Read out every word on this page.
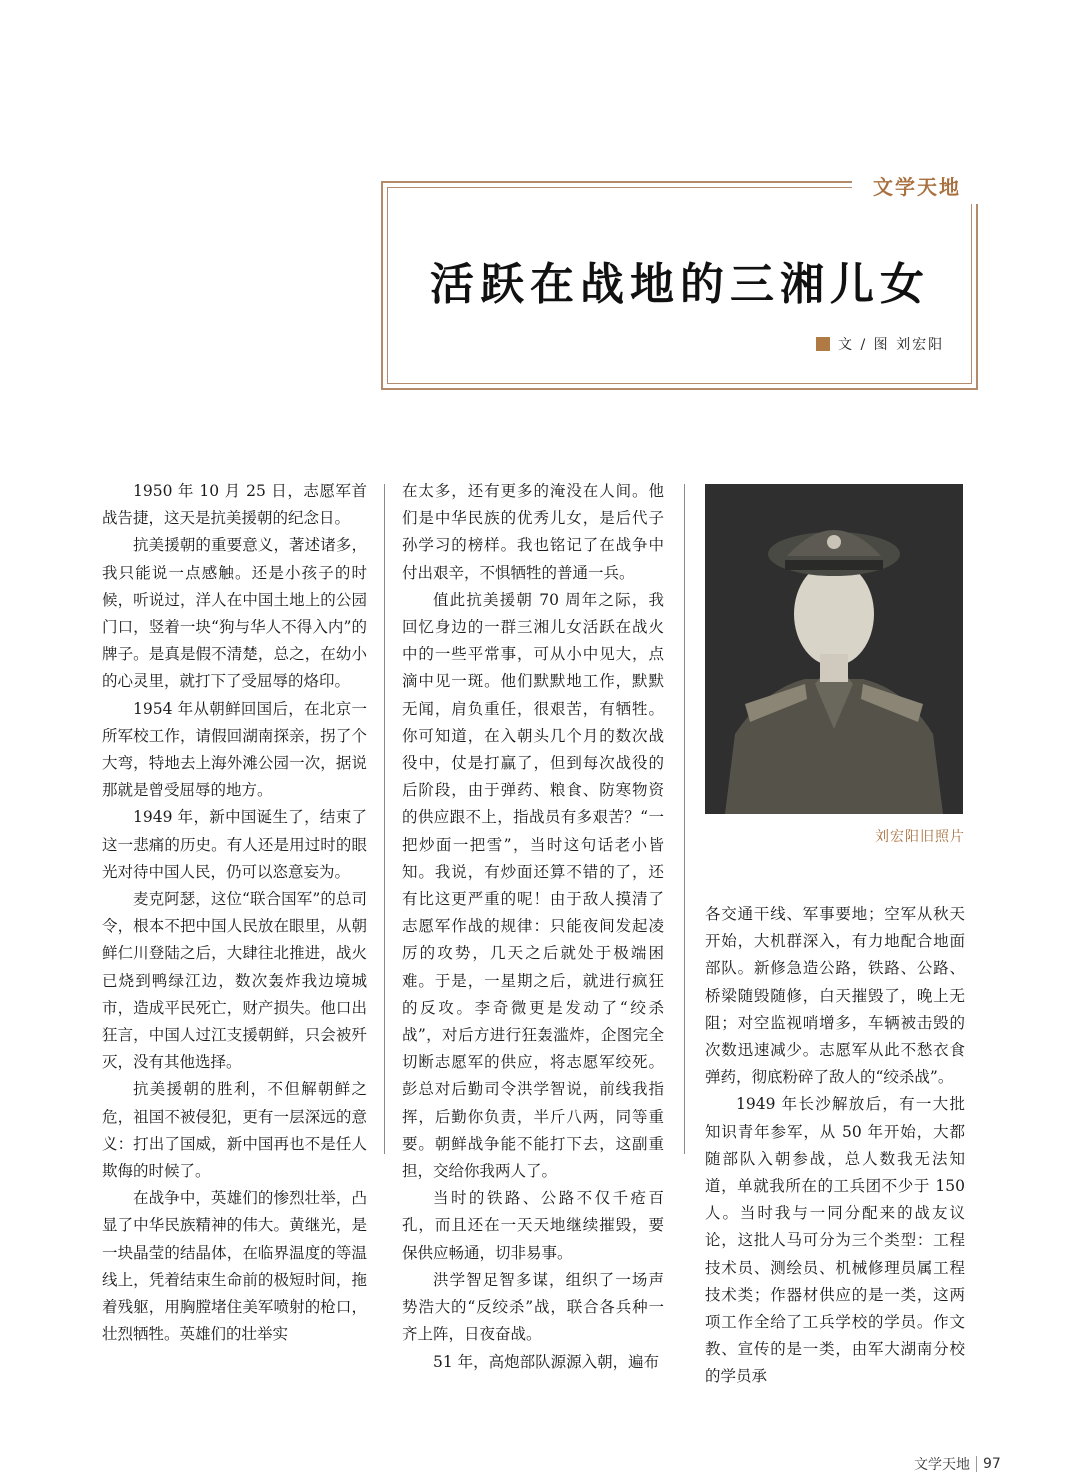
文学天地
活跃在战地的三湘儿女
文 / 图 刘宏阳

1950 年 10 月 25 日，志愿军首战告捷，这天是抗美援朝的纪念日。

抗美援朝的重要意义，著述诸多，我只能说一点感触。还是小孩子的时候，听说过，洋人在中国土地上的公园门口，竖着一块“狗与华人不得入内”的牌子。是真是假不清楚，总之，在幼小的心灵里，就打下了受屈辱的烙印。

1954 年从朝鲜回国后，在北京一所军校工作，请假回湖南探亲，拐了个大弯，特地去上海外滩公园一次，据说那就是曾受屈辱的地方。

1949 年，新中国诞生了，结束了这一悲痛的历史。有人还是用过时的眼光对待中国人民，仍可以恣意妄为。

麦克阿瑟，这位“联合国军”的总司令，根本不把中国人民放在眼里，从朝鲜仁川登陆之后，大肆往北推进，战火已烧到鸭绿江边，数次轰炸我边境城市，造成平民死亡，财产损失。他口出狂言，中国人过江支援朝鲜，只会被歼灭，没有其他选择。

抗美援朝的胜利，不但解朝鲜之危，祖国不被侵犯，更有一层深远的意义：打出了国威，新中国再也不是任人欺侮的时候了。

在战争中，英雄们的惨烈壮举，凸显了中华民族精神的伟大。黄继光，是一块晶莹的结晶体，在临界温度的等温线上，凭着结束生命前的极短时间，拖着残躯，用胸膛堵住美军喷射的枪口，壮烈牺牲。英雄们的壮举实

在太多，还有更多的淹没在人间。他们是中华民族的优秀儿女，是后代子孙学习的榜样。我也铭记了在战争中付出艰辛，不惧牺牲的普通一兵。

值此抗美援朝 70 周年之际，我回忆身边的一群三湘儿女活跃在战火中的一些平常事，可从小中见大，点滴中见一斑。他们默默地工作，默默无闻，肩负重任，很艰苦，有牺牲。你可知道，在入朝头几个月的数次战役中，仗是打赢了，但到每次战役的后阶段，由于弹药、粮食、防寒物资的供应跟不上，指战员有多艰苦？“一把炒面一把雪”，当时这句话老小皆知。我说，有炒面还算不错的了，还有比这更严重的呢！由于敌人摸清了志愿军作战的规律：只能夜间发起凌厉的攻势，几天之后就处于极端困难。于是，一星期之后，就进行疯狂的反攻。李奇微更是发动了“绞杀战”，对后方进行狂轰滥炸，企图完全切断志愿军的供应，将志愿军绞死。彭总对后勤司令洪学智说，前线我指挥，后勤你负责，半斤八两，同等重要。朝鲜战争能不能打下去，这副重担，交给你我两人了。

当时的铁路、公路不仅千疮百孔，而且还在一天天地继续摧毁，要保供应畅通，切非易事。

洪学智足智多谋，组织了一场声势浩大的“反绞杀”战，联合各兵种一齐上阵，日夜奋战。

51 年，高炮部队源源入朝，遍布

刘宏阳旧照片

各交通干线、军事要地；空军从秋天开始，大机群深入，有力地配合地面部队。新修急造公路，铁路、公路、桥梁随毁随修，白天摧毁了，晚上无阻；对空监视哨增多，车辆被击毁的次数迅速减少。志愿军从此不愁衣食弹药，彻底粉碎了敌人的“绞杀战”。

1949 年长沙解放后，有一大批知识青年参军，从 50 年开始，大都随部队入朝参战，总人数我无法知道，单就我所在的工兵团不少于 150 人。当时我与一同分配来的战友议论，这批人马可分为三个类型：工程技术员、测绘员、机械修理员属工程技术类；作器材供应的是一类，这两项工作全给了工兵学校的学员。作文教、宣传的是一类，由军大湖南分校的学员承

文学天地 97
